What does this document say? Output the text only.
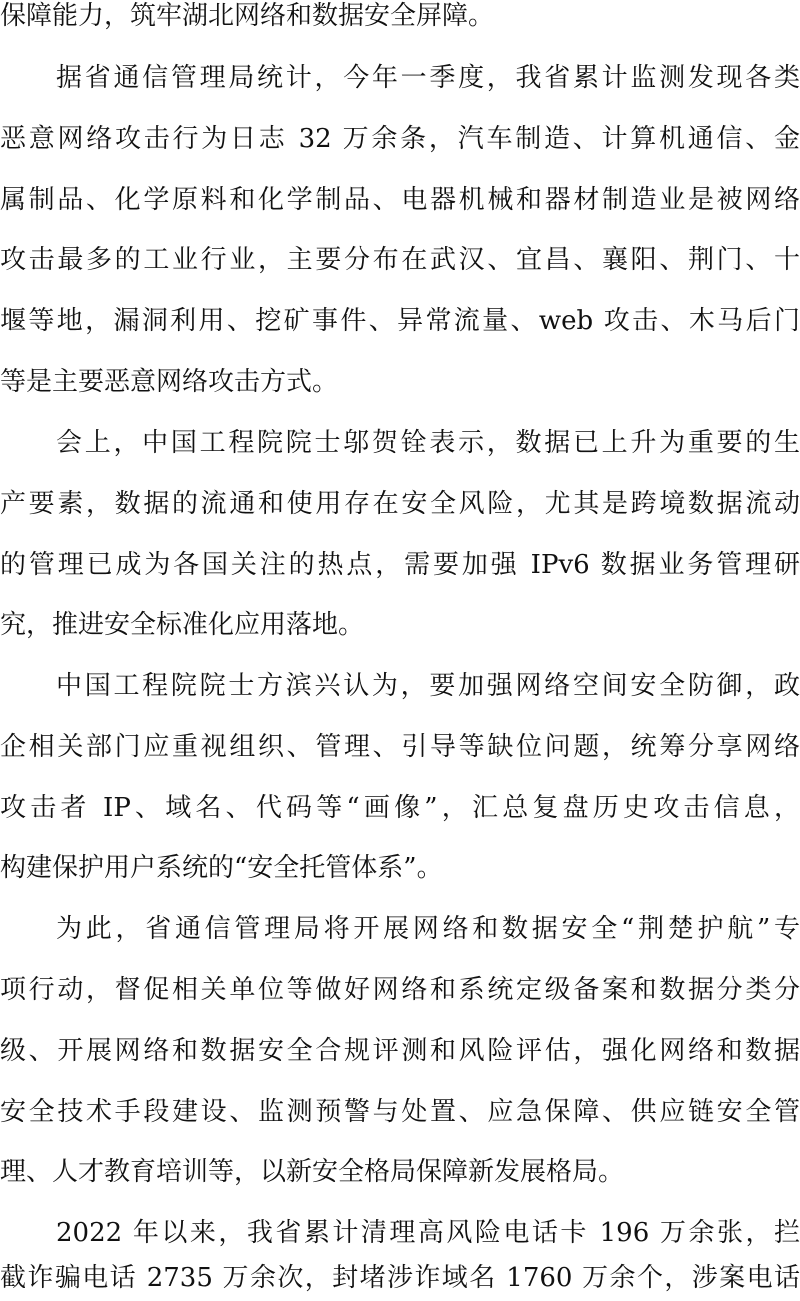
保障能力，筑牢湖北网络和数据安全屏障。
据省通信管理局统计，今年一季度，我省累计监测发现各类
恶意网络攻击行为日志 32 万余条，汽车制造、计算机通信、金
属制品、化学原料和化学制品、电器机械和器材制造业是被网络
攻击最多的工业行业，主要分布在武汉、宜昌、襄阳、荆门、十
堰等地，漏洞利用、挖矿事件、异常流量、web 攻击、木马后门
等是主要恶意网络攻击方式。
会上，中国工程院院士邬贺铨表示，数据已上升为重要的生
产要素，数据的流通和使用存在安全风险，尤其是跨境数据流动
的管理已成为各国关注的热点，需要加强 IPv6 数据业务管理研
究，推进安全标准化应用落地。
中国工程院院士方滨兴认为，要加强网络空间安全防御，政
企相关部门应重视组织、管理、引导等缺位问题，统筹分享网络
攻击者 IP、域名、代码等“画像”，汇总复盘历史攻击信息，
构建保护用户系统的“安全托管体系”。
为此，省通信管理局将开展网络和数据安全“荆楚护航”专
项行动，督促相关单位等做好网络和系统定级备案和数据分类分
级、开展网络和数据安全合规评测和风险评估，强化网络和数据
安全技术手段建设、监测预警与处置、应急保障、供应链安全管
理、人才教育培训等，以新安全格局保障新发展格局。
2022 年以来，我省累计清理高风险电话卡 196 万余张，拦
截诈骗电话 2735 万余次，封堵涉诈域名 1760 万余个，涉案电话
